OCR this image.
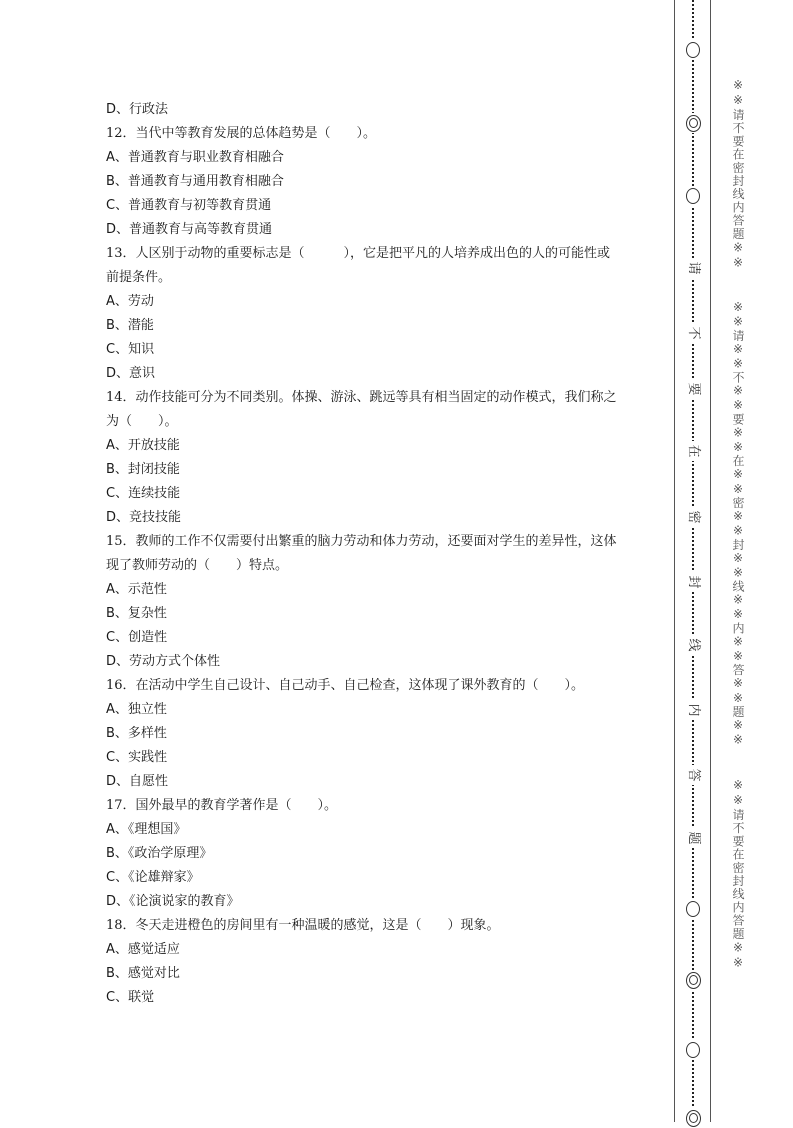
D、行政法
12．当代中等教育发展的总体趋势是（　　）。
A、普通教育与职业教育相融合
B、普通教育与通用教育相融合
C、普通教育与初等教育贯通
D、普通教育与高等教育贯通
13．人区别于动物的重要标志是（　　　），它是把平凡的人培养成出色的人的可能性或
前提条件。
A、劳动
B、潜能
C、知识
D、意识
14．动作技能可分为不同类别。体操、游泳、跳远等具有相当固定的动作模式，我们称之
为（　　）。
A、开放技能
B、封闭技能
C、连续技能
D、竞技技能
15．教师的工作不仅需要付出繁重的脑力劳动和体力劳动，还要面对学生的差异性，这体
现了教师劳动的（　　）特点。
A、示范性
B、复杂性
C、创造性
D、劳动方式个体性
16．在活动中学生自己设计、自己动手、自己检查，这体现了课外教育的（　　）。
A、独立性
B、多样性
C、实践性
D、自愿性
17．国外最早的教育学著作是（　　）。
A、《理想国》
B、《政治学原理》
C、《论雄辩家》
D、《论演说家的教育》
18．冬天走进橙色的房间里有一种温暖的感觉，这是（　　）现象。
A、感觉适应
B、感觉对比
C、联觉
请
不
要
在
密
封
线
内
答
题
※※请不要在密封线内答题※※
※※请※※不※※要※※在※※密※※封※※线※※内※※答※※题※※
※※请不要在密封线内答题※※
